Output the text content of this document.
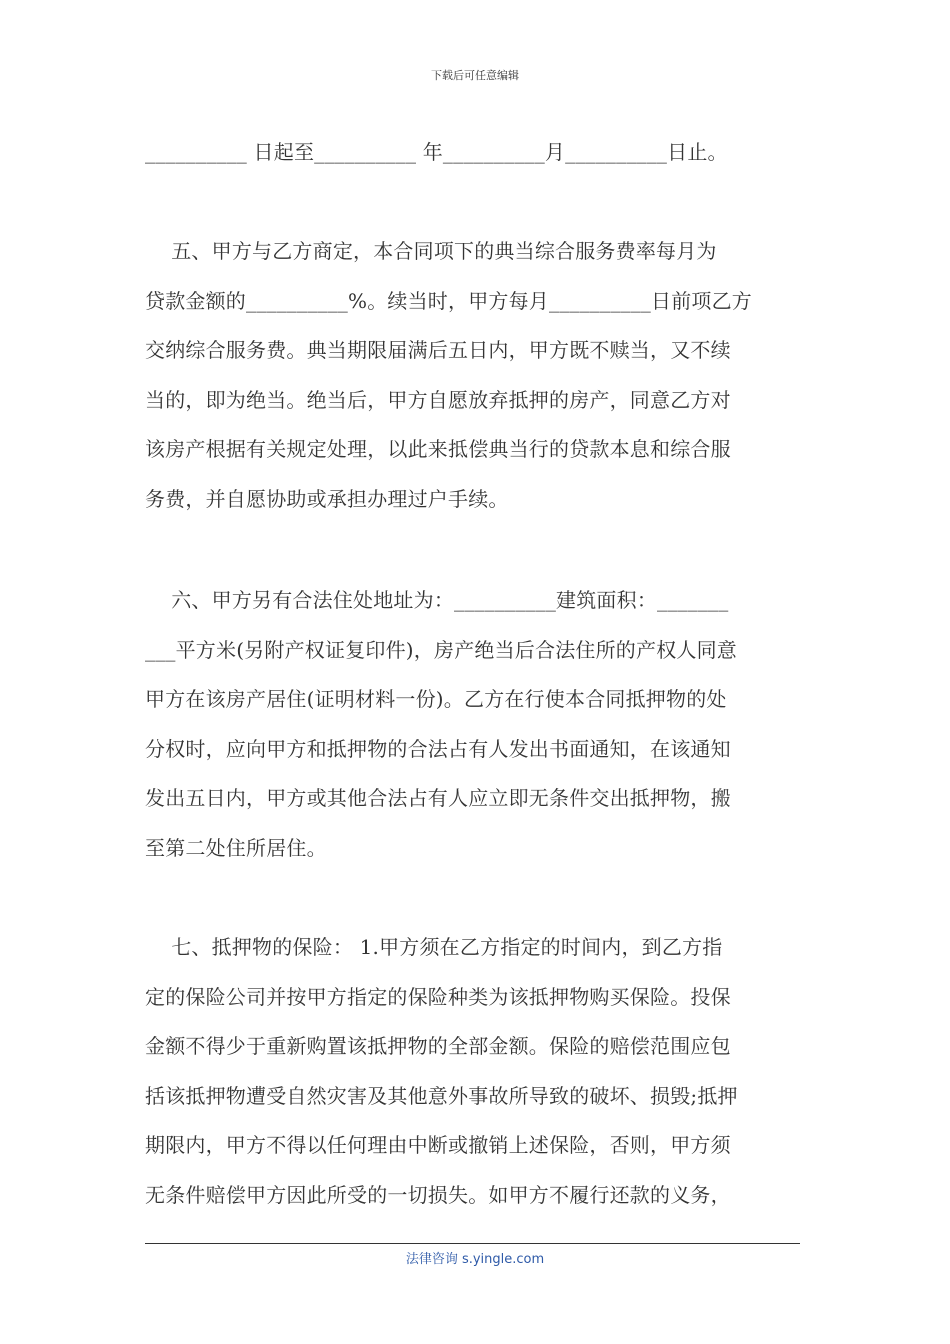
下载后可任意编辑
__________ 日起至__________ 年__________月__________日止。
五、甲方与乙方商定，本合同项下的典当综合服务费率每月为
贷款金额的__________%。续当时，甲方每月__________日前项乙方
交纳综合服务费。典当期限届满后五日内，甲方既不赎当，又不续
当的，即为绝当。绝当后，甲方自愿放弃抵押的房产，同意乙方对
该房产根据有关规定处理，以此来抵偿典当行的贷款本息和综合服
务费，并自愿协助或承担办理过户手续。
六、甲方另有合法住处地址为：__________建筑面积：_______
___平方米(另附产权证复印件)，房产绝当后合法住所的产权人同意
甲方在该房产居住(证明材料一份)。乙方在行使本合同抵押物的处
分权时，应向甲方和抵押物的合法占有人发出书面通知，在该通知
发出五日内，甲方或其他合法占有人应立即无条件交出抵押物，搬
至第二处住所居住。
七、抵押物的保险： 1.甲方须在乙方指定的时间内，到乙方指
定的保险公司并按甲方指定的保险种类为该抵押物购买保险。投保
金额不得少于重新购置该抵押物的全部金额。保险的赔偿范围应包
括该抵押物遭受自然灾害及其他意外事故所导致的破坏、损毁;抵押
期限内，甲方不得以任何理由中断或撤销上述保险，否则，甲方须
无条件赔偿甲方因此所受的一切损失。如甲方不履行还款的义务，
法律咨询 s.yingle.com
